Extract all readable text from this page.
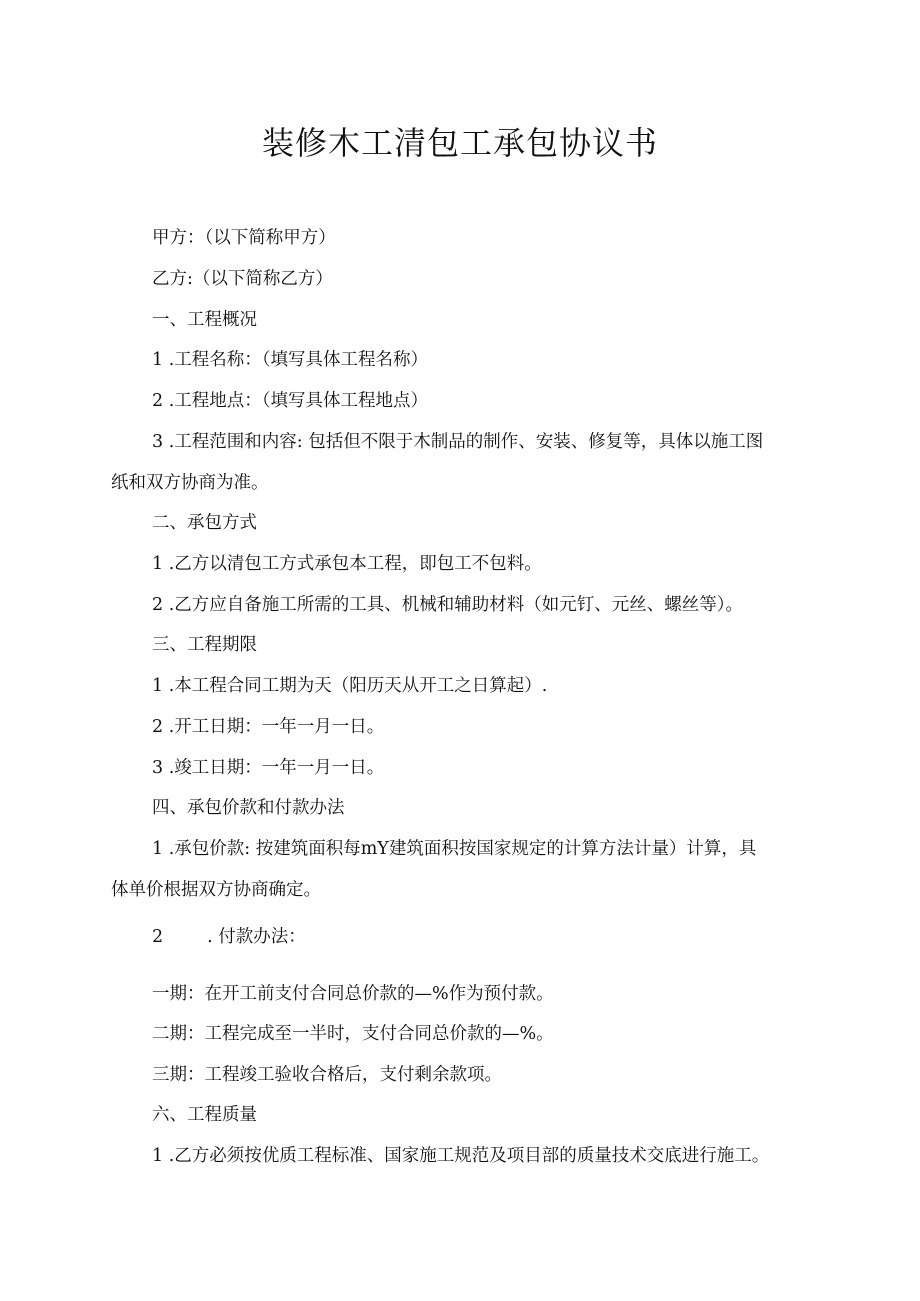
装修木工清包工承包协议书

甲方：（以下简称甲方）

乙方:（以下简称乙方）

一、工程概况

1 .工程名称：（填写具体工程名称）

2 .工程地点：（填写具体工程地点）

3 .工程范围和内容: 包括但不限于木制品的制作、安装、修复等，具体以施工图

纸和双方协商为准。

二、承包方式

1 .乙方以清包工方式承包本工程，即包工不包料。

2 .乙方应自备施工所需的工具、机械和辅助材料（如元钉、元丝、螺丝等）。

三、工程期限

1 .本工程合同工期为天（阳历天从开工之日算起）.

2 .开工日期：一年一月一日。

3 .竣工日期：一年一月一日。

四、承包价款和付款办法

1 .承包价款: 按建筑面积每mY建筑面积按国家规定的计算方法计量）计算，具

体单价根据双方协商确定。

2	. 付款办法：

一期：在开工前支付合同总价款的—%作为预付款。

二期：工程完成至一半时，支付合同总价款的—%。

三期：工程竣工验收合格后，支付剩余款项。

六、工程质量

1 .乙方必须按优质工程标准、国家施工规范及项目部的质量技术交底进行施工。
